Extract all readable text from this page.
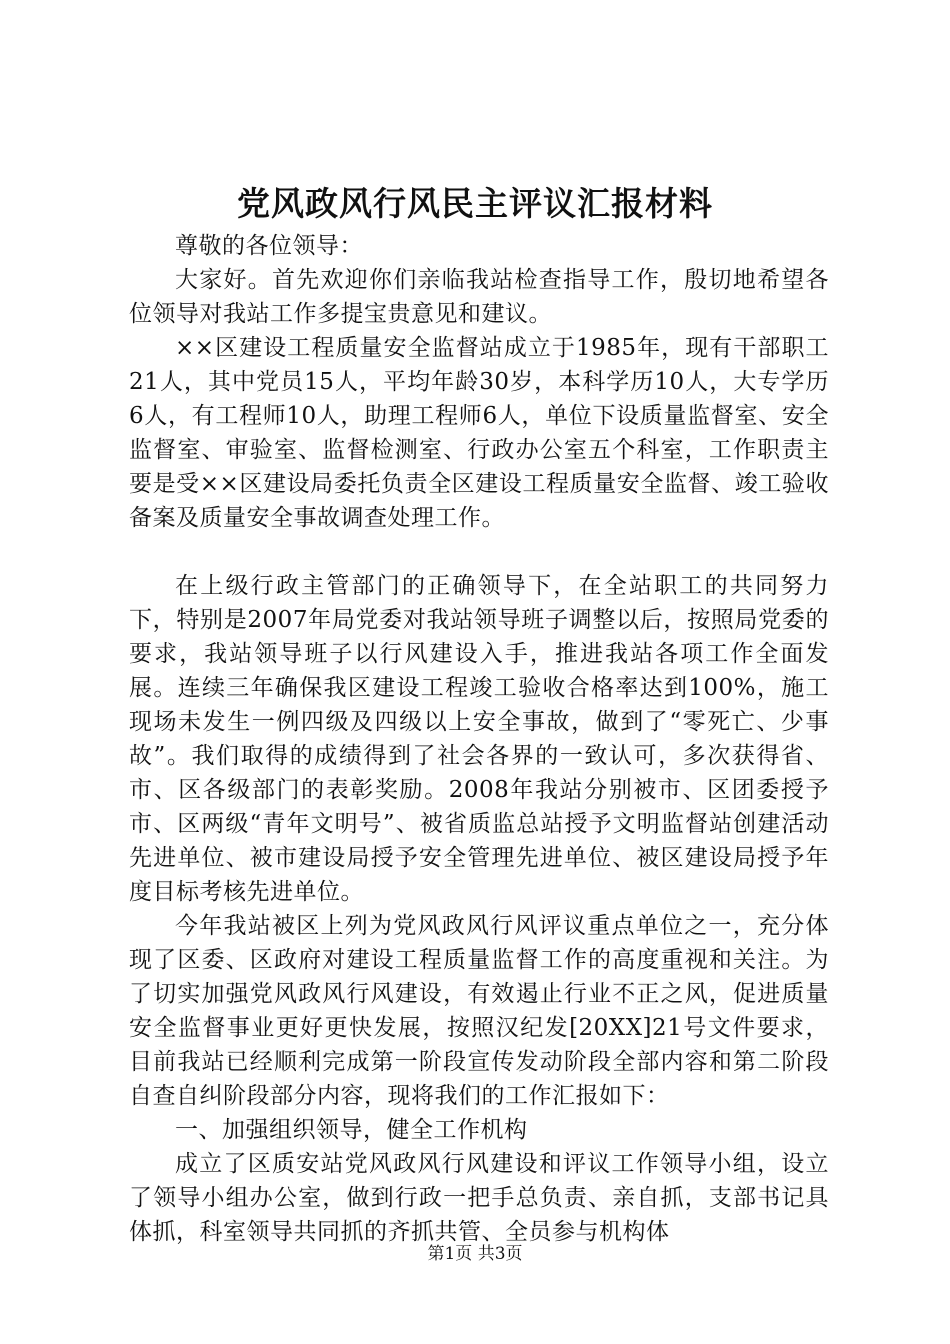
党风政风行风民主评议汇报材料

尊敬的各位领导：

大家好。首先欢迎你们亲临我站检查指导工作，殷切地希望各位领导对我站工作多提宝贵意见和建议。

××区建设工程质量安全监督站成立于1985年，现有干部职工21人，其中党员15人，平均年龄30岁，本科学历10人，大专学历6人，有工程师10人，助理工程师6人，单位下设质量监督室、安全监督室、审验室、监督检测室、行政办公室五个科室，工作职责主要是受××区建设局委托负责全区建设工程质量安全监督、竣工验收备案及质量安全事故调查处理工作。

在上级行政主管部门的正确领导下，在全站职工的共同努力下，特别是2007年局党委对我站领导班子调整以后，按照局党委的要求，我站领导班子以行风建设入手，推进我站各项工作全面发展。连续三年确保我区建设工程竣工验收合格率达到100%，施工现场未发生一例四级及四级以上安全事故，做到了“零死亡、少事故”。我们取得的成绩得到了社会各界的一致认可，多次获得省、市、区各级部门的表彰奖励。2008年我站分别被市、区团委授予市、区两级“青年文明号”、被省质监总站授予文明监督站创建活动先进单位、被市建设局授予安全管理先进单位、被区建设局授予年度目标考核先进单位。

今年我站被区上列为党风政风行风评议重点单位之一，充分体现了区委、区政府对建设工程质量监督工作的高度重视和关注。为了切实加强党风政风行风建设，有效遏止行业不正之风，促进质量安全监督事业更好更快发展，按照汉纪发[20XX]21号文件要求，目前我站已经顺利完成第一阶段宣传发动阶段全部内容和第二阶段自查自纠阶段部分内容，现将我们的工作汇报如下：

一、加强组织领导，健全工作机构

成立了区质安站党风政风行风建设和评议工作领导小组，设立了领导小组办公室，做到行政一把手总负责、亲自抓，支部书记具体抓，科室领导共同抓的齐抓共管、全员参与机构体

第1页 共3页
